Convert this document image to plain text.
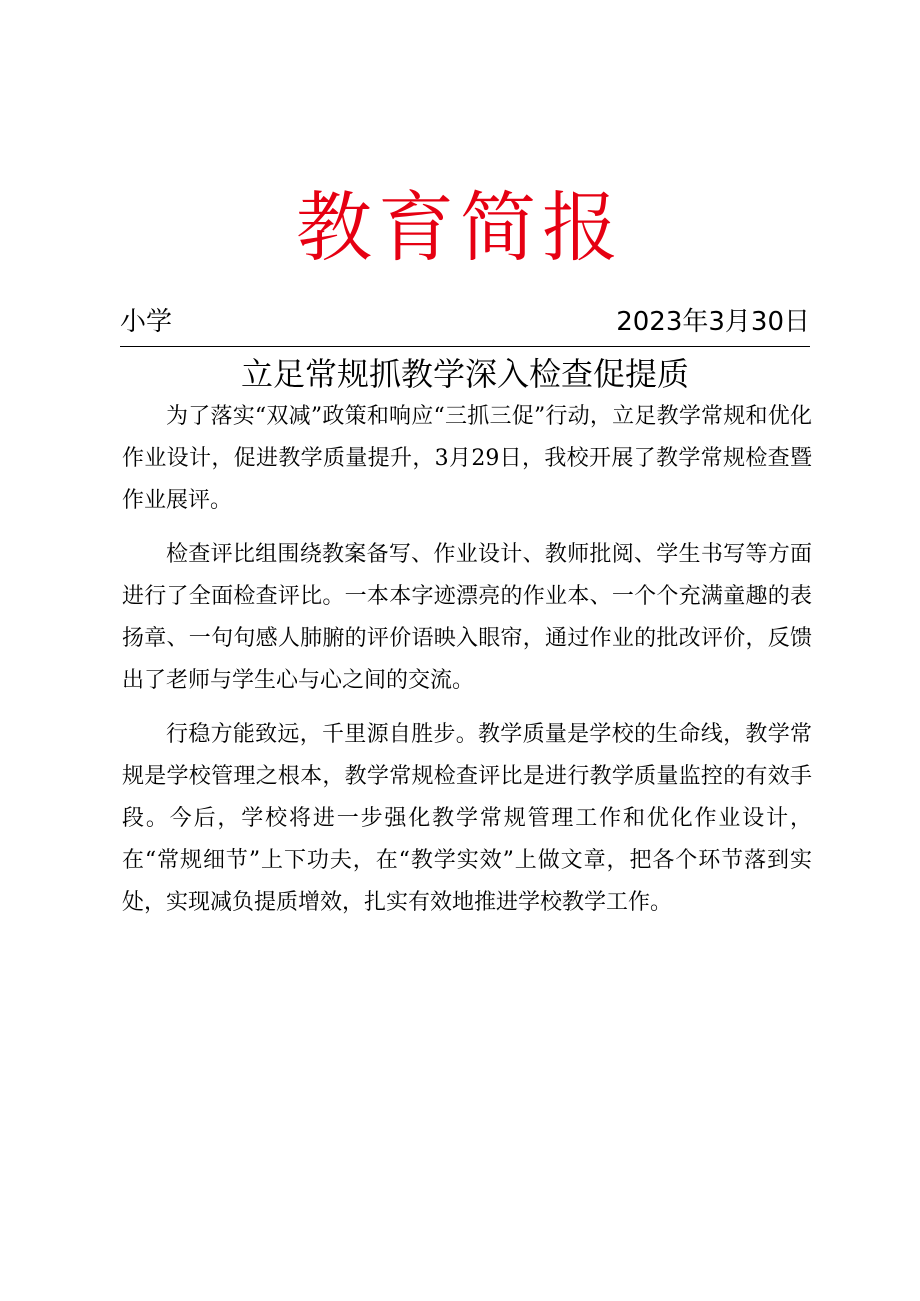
教育简报
小学	2023年3月30日
立足常规抓教学深入检查促提质

为了落实“双减”政策和响应“三抓三促”行动，立足教学常规和优化作业设计，促进教学质量提升，3月29日，我校开展了教学常规检查暨作业展评。

检查评比组围绕教案备写、作业设计、教师批阅、学生书写等方面进行了全面检查评比。一本本字迹漂亮的作业本、一个个充满童趣的表扬章、一句句感人肺腑的评价语映入眼帘，通过作业的批改评价，反馈出了老师与学生心与心之间的交流。

行稳方能致远，千里源自胜步。教学质量是学校的生命线，教学常规是学校管理之根本，教学常规检查评比是进行教学质量监控的有效手段。今后，学校将进一步强化教学常规管理工作和优化作业设计，在“常规细节”上下功夫，在“教学实效”上做文章，把各个环节落到实处，实现减负提质增效，扎实有效地推进学校教学工作。
